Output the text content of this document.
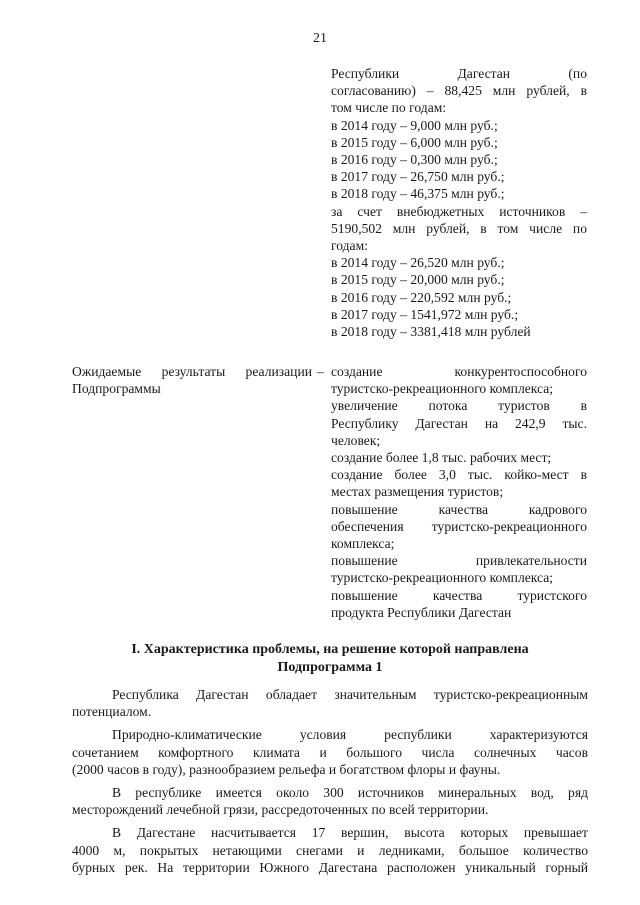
21
Республики Дагестан (по
согласованию) – 88,425 млн рублей, в
том числе по годам:
в 2014 году – 9,000 млн руб.;
в 2015 году – 6,000 млн руб.;
в 2016 году – 0,300 млн руб.;
в 2017 году – 26,750 млн руб.;
в 2018 году – 46,375 млн руб.;
за счет внебюджетных источников –
5190,502 млн рублей, в том числе по
годам:
в 2014 году – 26,520 млн руб.;
в 2015 году – 20,000 млн руб.;
в 2016 году – 220,592 млн руб.;
в 2017 году – 1541,972 млн руб.;
в 2018 году – 3381,418 млн рублей
Ожидаемые результаты реализации
Подпрограммы
– создание конкурентоспособного
туристско-рекреационного комплекса;
увеличение потока туристов в
Республику Дагестан на 242,9 тыс.
человек;
создание более 1,8 тыс. рабочих мест;
создание более 3,0 тыс. койко-мест в
местах размещения туристов;
повышение качества кадрового
обеспечения туристско-рекреационного
комплекса;
повышение привлекательности
туристско-рекреационного комплекса;
повышение качества туристского
продукта Республики Дагестан
I. Характеристика проблемы, на решение которой направлена
Подпрограмма 1
Республика Дагестан обладает значительным туристско-рекреационным
потенциалом.
Природно-климатические условия республики характеризуются
сочетанием комфортного климата и большого числа солнечных часов
(2000 часов в году), разнообразием рельефа и богатством флоры и фауны.
В республике имеется около 300 источников минеральных вод, ряд
месторождений лечебной грязи, рассредоточенных по всей территории.
В Дагестане насчитывается 17 вершин, высота которых превышает
4000 м, покрытых нетающими снегами и ледниками, большое количество
бурных рек. На территории Южного Дагестана расположен уникальный горный
